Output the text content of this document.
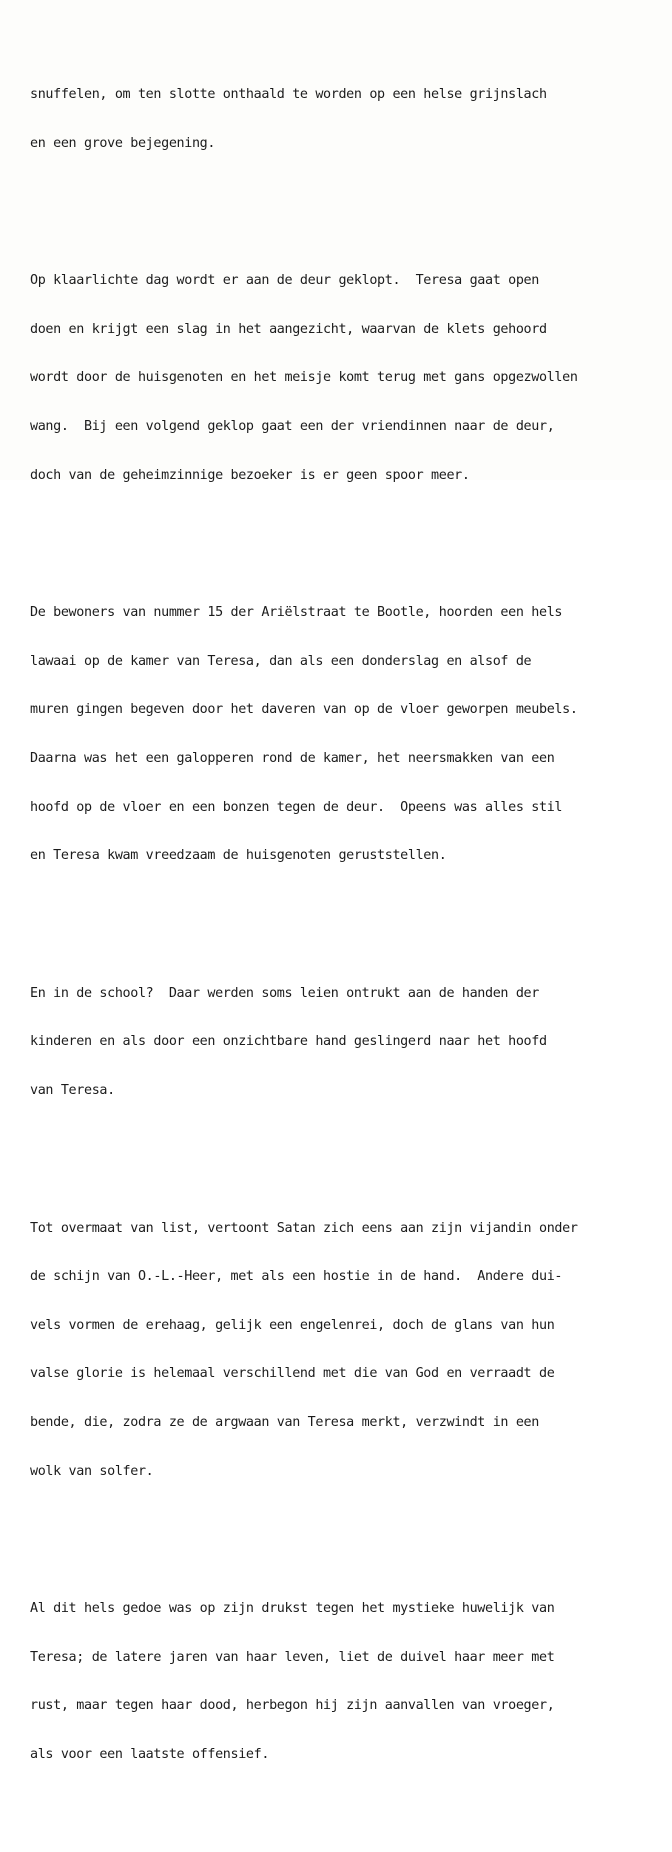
snuffelen, om ten slotte onthaald te worden op een helse grijnslach

en een grove bejegening.

Op klaarlichte dag wordt er aan de deur geklopt.  Teresa gaat open

doen en krijgt een slag in het aangezicht, waarvan de klets gehoord

wordt door de huisgenoten en het meisje komt terug met gans opgezwollen

wang.  Bij een volgend geklop gaat een der vriendinnen naar de deur,

doch van de geheimzinnige bezoeker is er geen spoor meer.

De bewoners van nummer 15 der Ariëlstraat te Bootle, hoorden een hels

lawaai op de kamer van Teresa, dan als een donderslag en alsof de

muren gingen begeven door het daveren van op de vloer geworpen meubels.

Daarna was het een galopperen rond de kamer, het neersmakken van een

hoofd op de vloer en een bonzen tegen de deur.  Opeens was alles stil

en Teresa kwam vreedzaam de huisgenoten geruststellen.

En in de school?  Daar werden soms leien ontrukt aan de handen der

kinderen en als door een onzichtbare hand geslingerd naar het hoofd

van Teresa.

Tot overmaat van list, vertoont Satan zich eens aan zijn vijandin onder

de schijn van O.-L.-Heer, met als een hostie in de hand.  Andere dui-

vels vormen de erehaag, gelijk een engelenrei, doch de glans van hun

valse glorie is helemaal verschillend met die van God en verraadt de

bende, die, zodra ze de argwaan van Teresa merkt, verzwindt in een

wolk van solfer.

Al dit hels gedoe was op zijn drukst tegen het mystieke huwelijk van

Teresa; de latere jaren van haar leven, liet de duivel haar meer met

rust, maar tegen haar dood, herbegon hij zijn aanvallen van vroeger,

als voor een laatste offensief.
